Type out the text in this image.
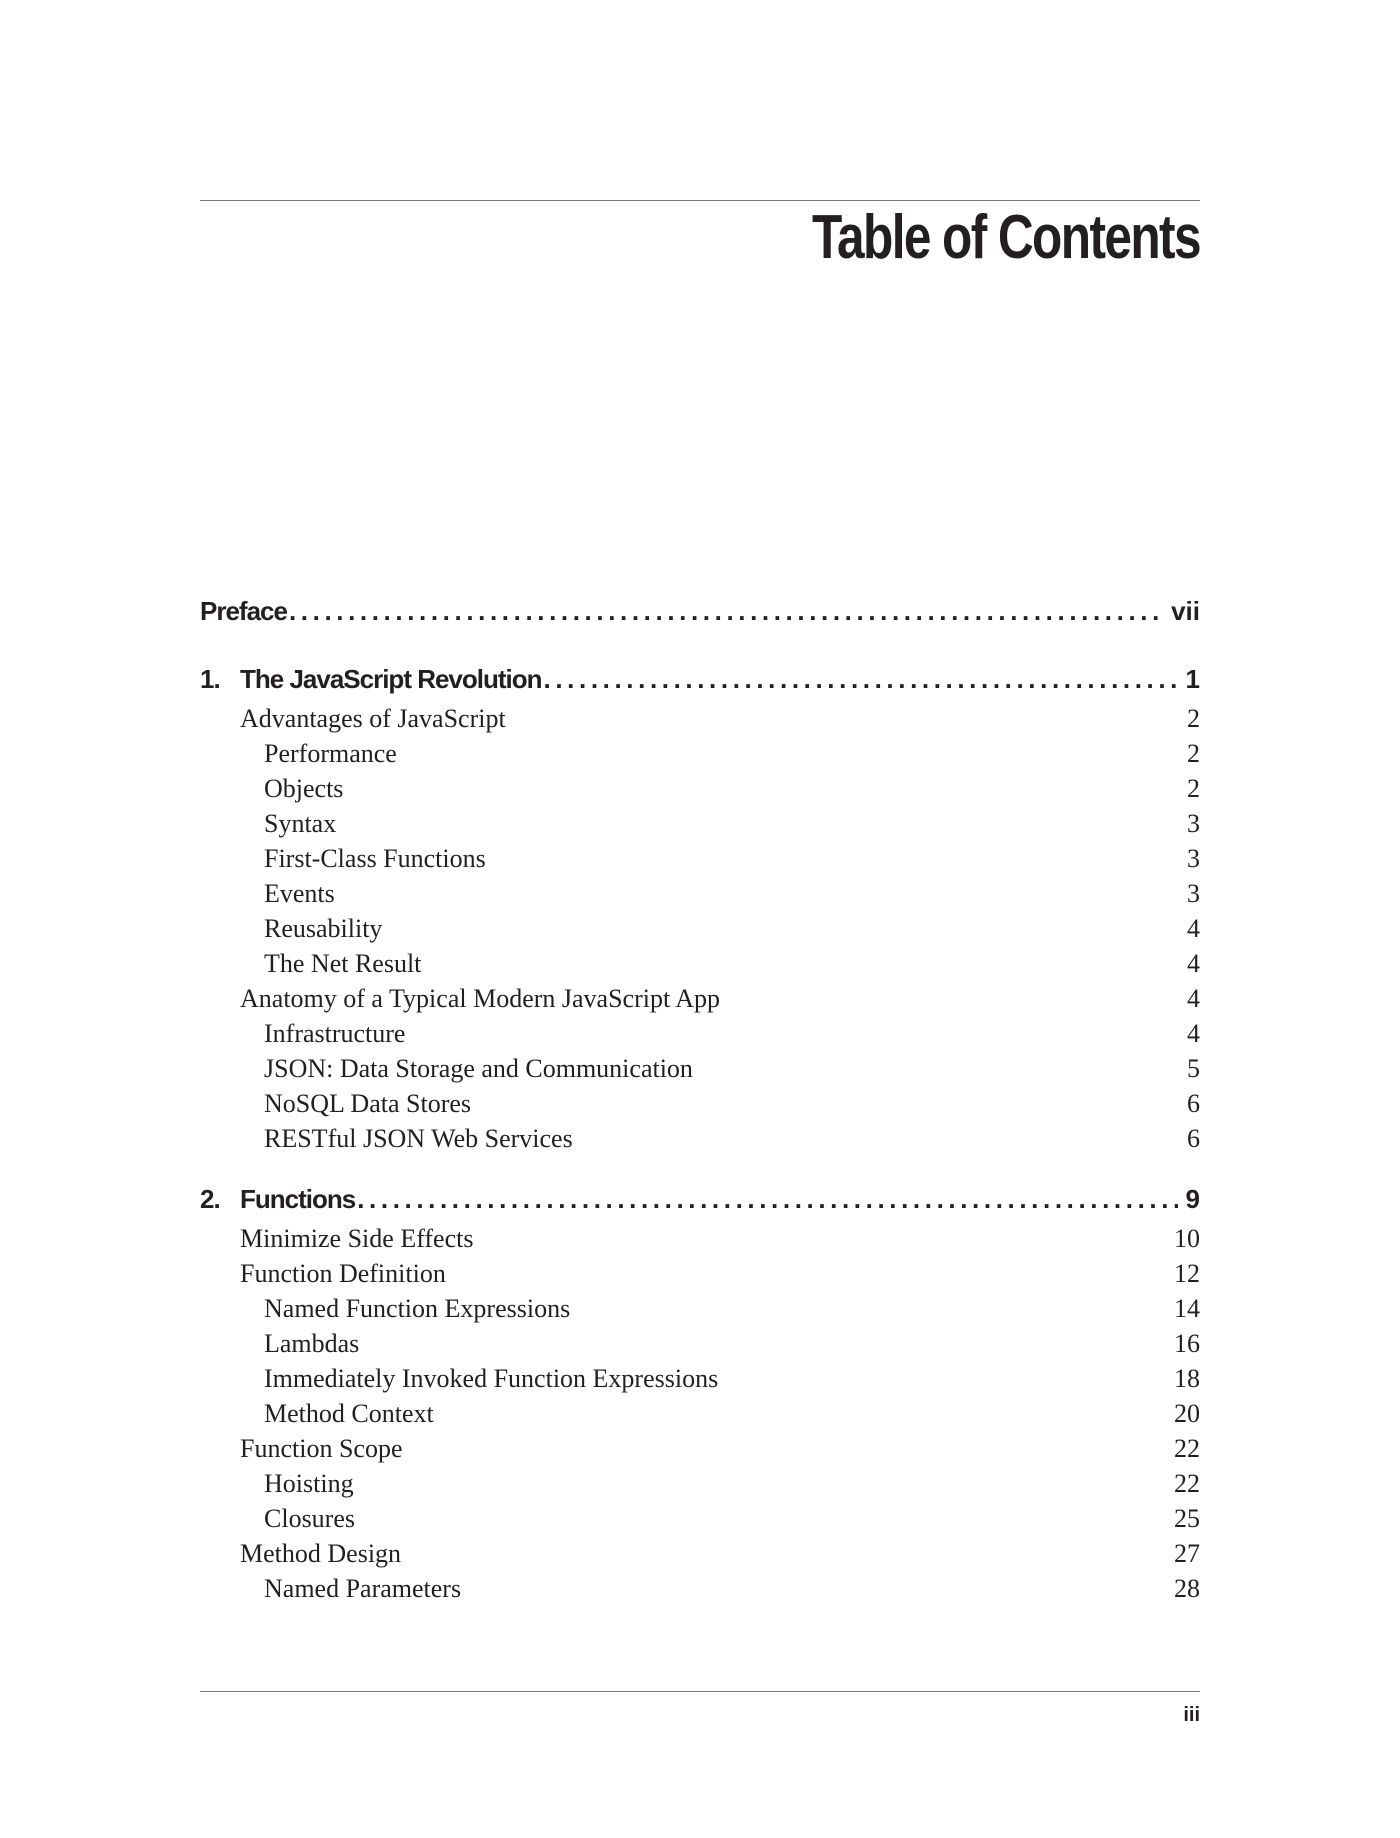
Table of Contents
Preface .....	vii
1. The JavaScript Revolution .....	1
Advantages of JavaScript	2
Performance	2
Objects	2
Syntax	3
First-Class Functions	3
Events	3
Reusability	4
The Net Result	4
Anatomy of a Typical Modern JavaScript App	4
Infrastructure	4
JSON: Data Storage and Communication	5
NoSQL Data Stores	6
RESTful JSON Web Services	6
2. Functions .....	9
Minimize Side Effects	10
Function Definition	12
Named Function Expressions	14
Lambdas	16
Immediately Invoked Function Expressions	18
Method Context	20
Function Scope	22
Hoisting	22
Closures	25
Method Design	27
Named Parameters	28
iii
